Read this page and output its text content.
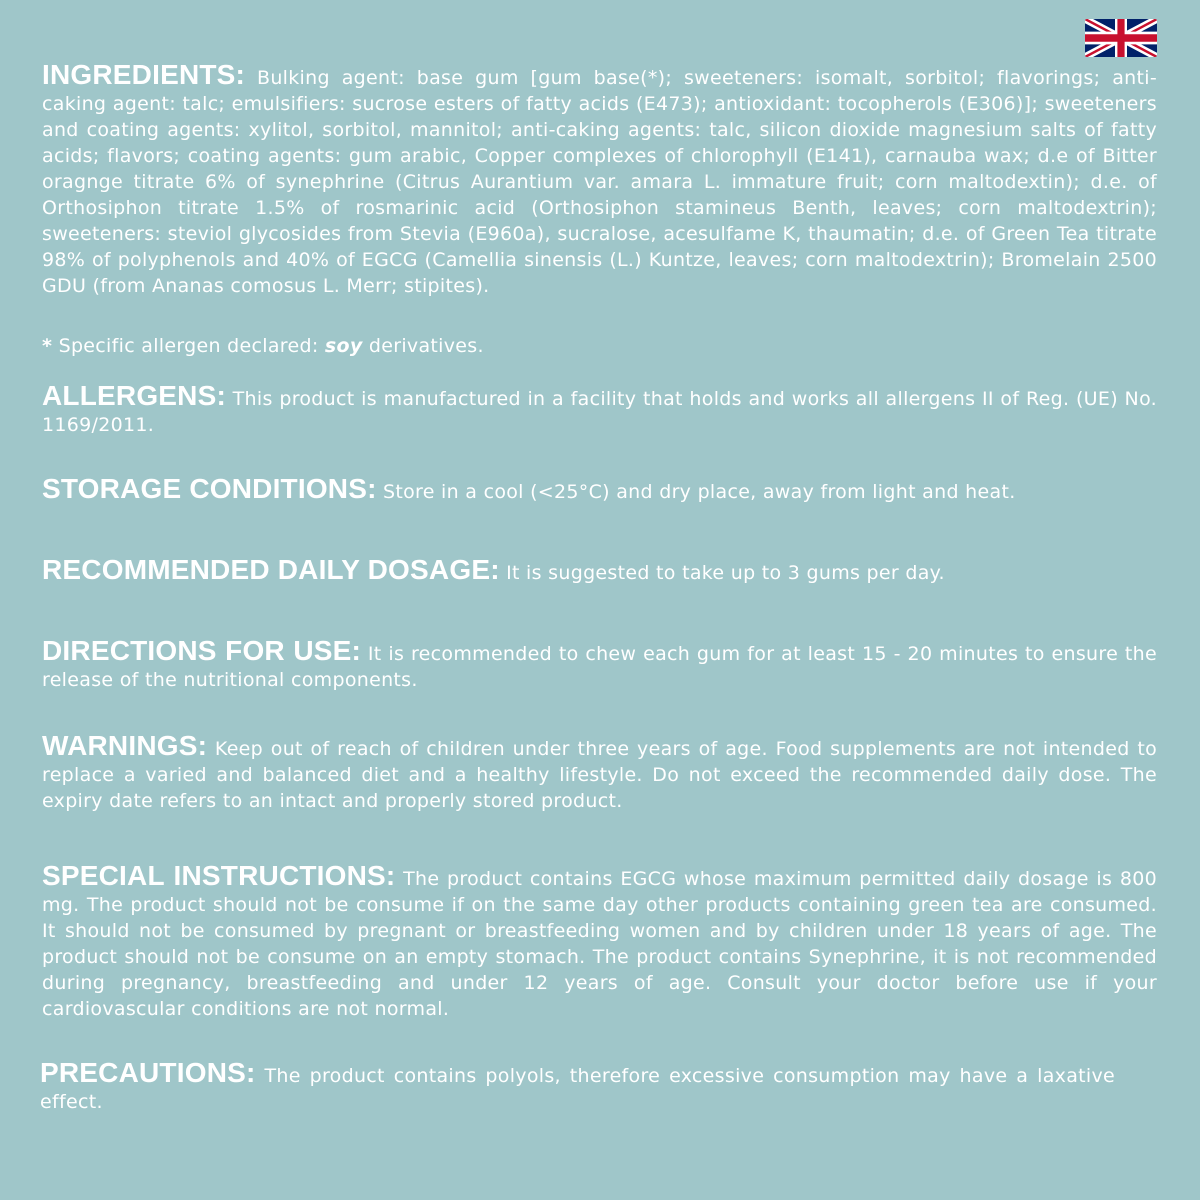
INGREDIENTS: Bulking agent: base gum [gum base(*); sweeteners: isomalt, sorbitol; flavorings; anti-caking agent: talc; emulsifiers: sucrose esters of fatty acids (E473); antioxidant: tocopherols (E306)]; sweeteners and coating agents: xylitol, sorbitol, mannitol; anti-caking agents: talc, silicon dioxide magnesium salts of fatty acids; flavors; coating agents: gum arabic, Copper complexes of chlorophyll (E141), carnauba wax; d.e of Bitter oragnge titrate 6% of synephrine (Citrus Aurantium var. amara L. immature fruit; corn maltodextin); d.e. of Orthosiphon titrate 1.5% of rosmarinic acid (Orthosiphon stamineus Benth, leaves; corn maltodextrin); sweeteners: steviol glycosides from Stevia (E960a), sucralose, acesulfame K, thaumatin; d.e. of Green Tea titrate 98% of polyphenols and 40% of EGCG (Camellia sinensis (L.) Kuntze, leaves; corn maltodextrin); Bromelain 2500 GDU (from Ananas comosus L. Merr; stipites).

* Specific allergen declared: soy derivatives.

ALLERGENS: This product is manufactured in a facility that holds and works all allergens II of Reg. (UE) No. 1169/2011.

STORAGE CONDITIONS: Store in a cool (<25°C) and dry place, away from light and heat.

RECOMMENDED DAILY DOSAGE: It is suggested to take up to 3 gums per day.

DIRECTIONS FOR USE: It is recommended to chew each gum for at least 15 - 20 minutes to ensure the release of the nutritional components.

WARNINGS: Keep out of reach of children under three years of age. Food supplements are not intended to replace a varied and balanced diet and a healthy lifestyle. Do not exceed the recommended daily dose. The expiry date refers to an intact and properly stored product.

SPECIAL INSTRUCTIONS: The product contains EGCG whose maximum permitted daily dosage is 800 mg. The product should not be consume if on the same day other products containing green tea are consumed. It should not be consumed by pregnant or breastfeeding women and by children under 18 years of age. The product should not be consume on an empty stomach. The product contains Synephrine, it is not recommended during pregnancy, breastfeeding and under 12 years of age. Consult your doctor before use if your cardiovascular conditions are not normal.

PRECAUTIONS: The product contains polyols, therefore excessive consumption may have a laxative effect.
